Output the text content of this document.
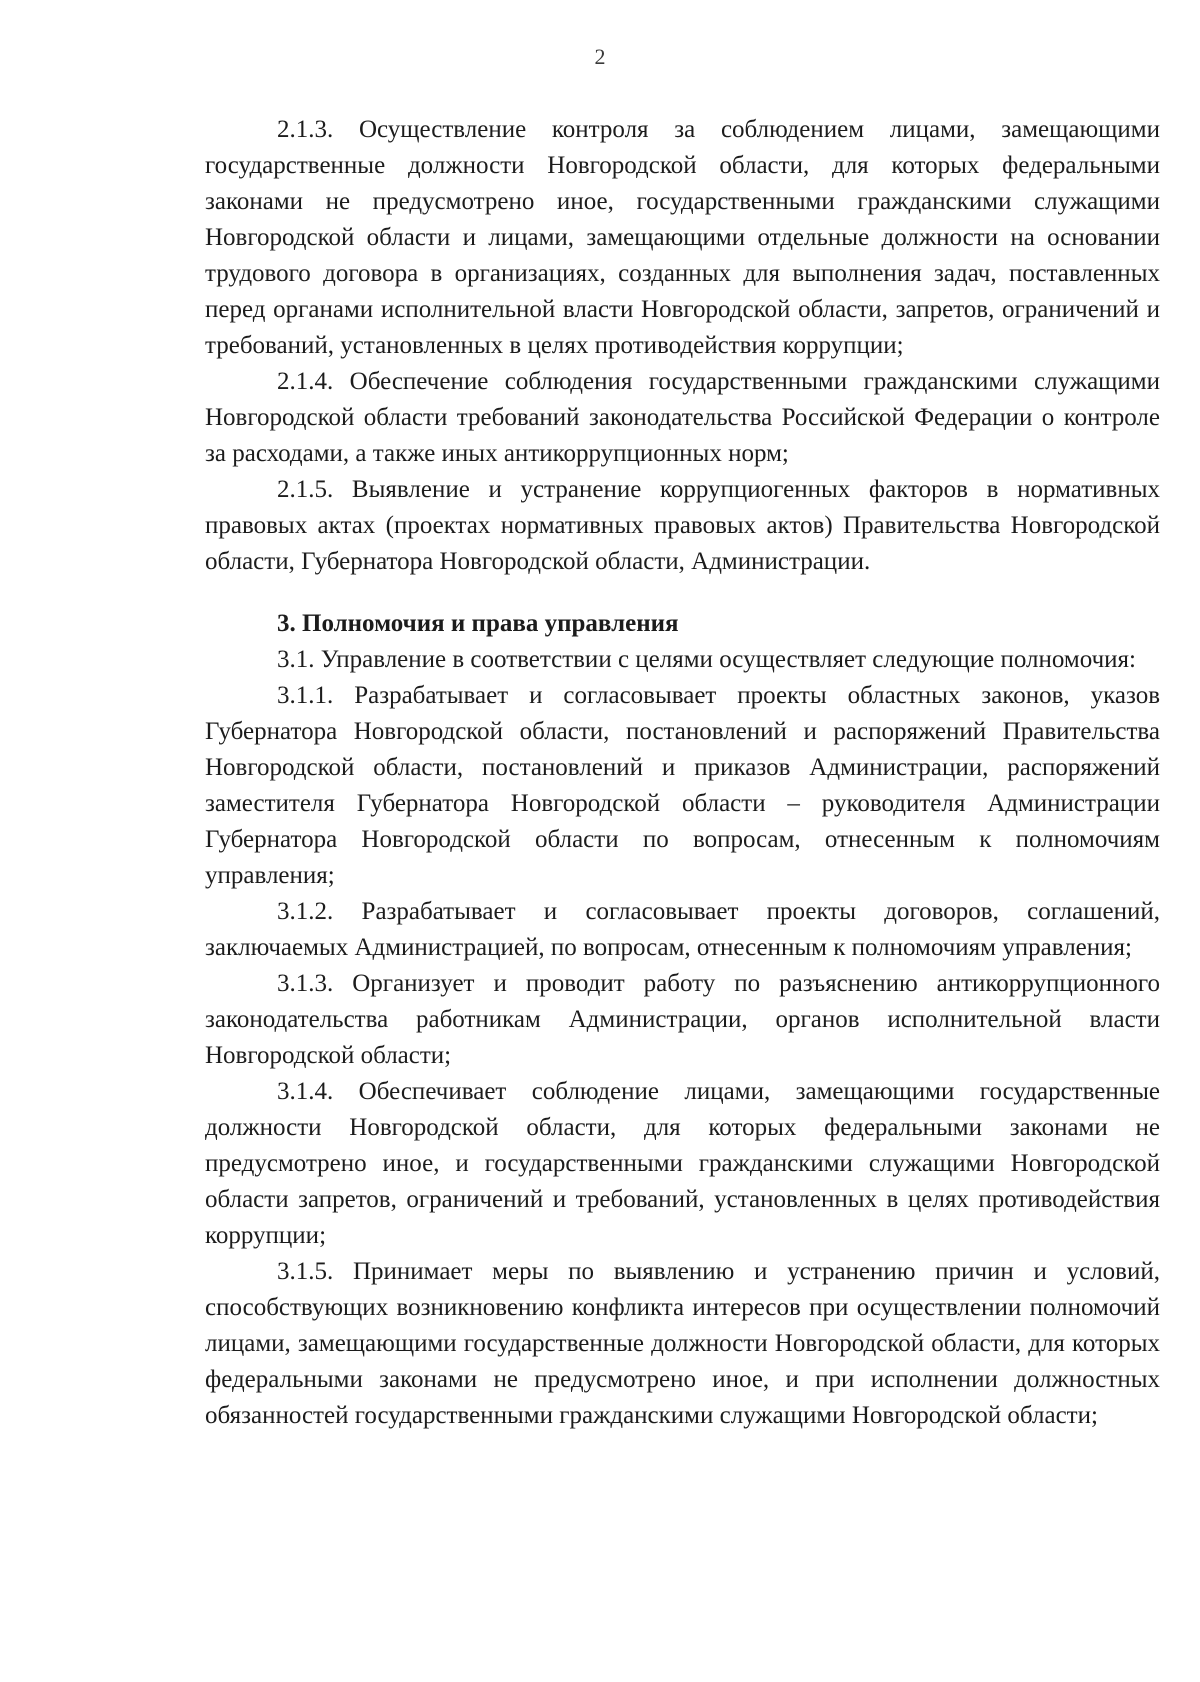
2

2.1.3. Осуществление контроля за соблюдением лицами, замещающими государственные должности Новгородской области, для которых федеральными законами не предусмотрено иное, государственными гражданскими служащими Новгородской области и лицами, замещающими отдельные должности на основании трудового договора в организациях, созданных для выполнения задач, поставленных перед органами исполнительной власти Новгородской области, запретов, ограничений и требований, установленных в целях противодействия коррупции;

2.1.4. Обеспечение соблюдения государственными гражданскими служащими Новгородской области требований законодательства Российской Федерации о контроле за расходами, а также иных антикоррупционных норм;

2.1.5. Выявление и устранение коррупциогенных факторов в нормативных правовых актах (проектах нормативных правовых актов) Правительства Новгородской области, Губернатора Новгородской области, Администрации.

3. Полномочия и права управления

3.1. Управление в соответствии с целями осуществляет следующие полномочия:

3.1.1. Разрабатывает и согласовывает проекты областных законов, указов Губернатора Новгородской области, постановлений и распоряжений Правительства Новгородской области, постановлений и приказов Администрации, распоряжений заместителя Губернатора Новгородской области – руководителя Администрации Губернатора Новгородской области по вопросам, отнесенным к полномочиям управления;

3.1.2. Разрабатывает и согласовывает проекты договоров, соглашений, заключаемых Администрацией, по вопросам, отнесенным к полномочиям управления;

3.1.3. Организует и проводит работу по разъяснению антикоррупционного законодательства работникам Администрации, органов исполнительной власти Новгородской области;

3.1.4. Обеспечивает соблюдение лицами, замещающими государственные должности Новгородской области, для которых федеральными законами не предусмотрено иное, и государственными гражданскими служащими Новгородской области запретов, ограничений и требований, установленных в целях противодействия коррупции;

3.1.5. Принимает меры по выявлению и устранению причин и условий, способствующих возникновению конфликта интересов при осуществлении полномочий лицами, замещающими государственные должности Новгородской области, для которых федеральными законами не предусмотрено иное, и при исполнении должностных обязанностей государственными гражданскими служащими Новгородской области;
